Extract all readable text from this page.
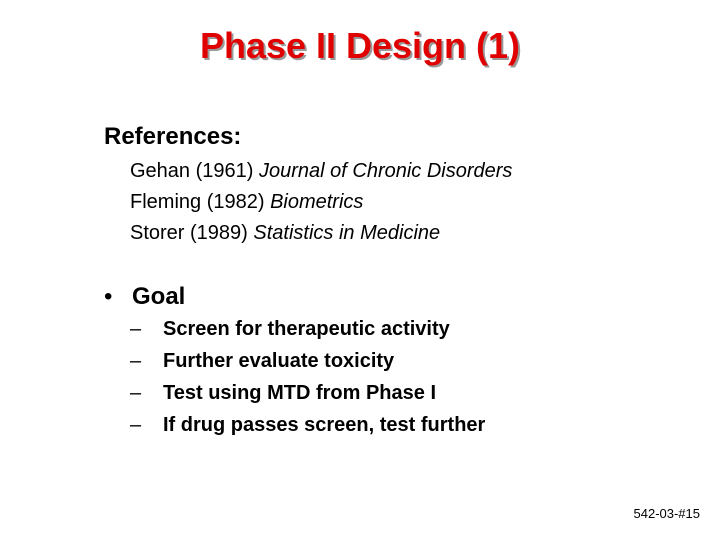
Phase II Design (1)
References:
Gehan (1961) Journal of Chronic Disorders
Fleming (1982) Biometrics
Storer (1989) Statistics in Medicine
• Goal
– Screen for therapeutic activity
– Further evaluate toxicity
– Test using MTD from Phase I
– If drug passes screen, test further
542-03-#15
